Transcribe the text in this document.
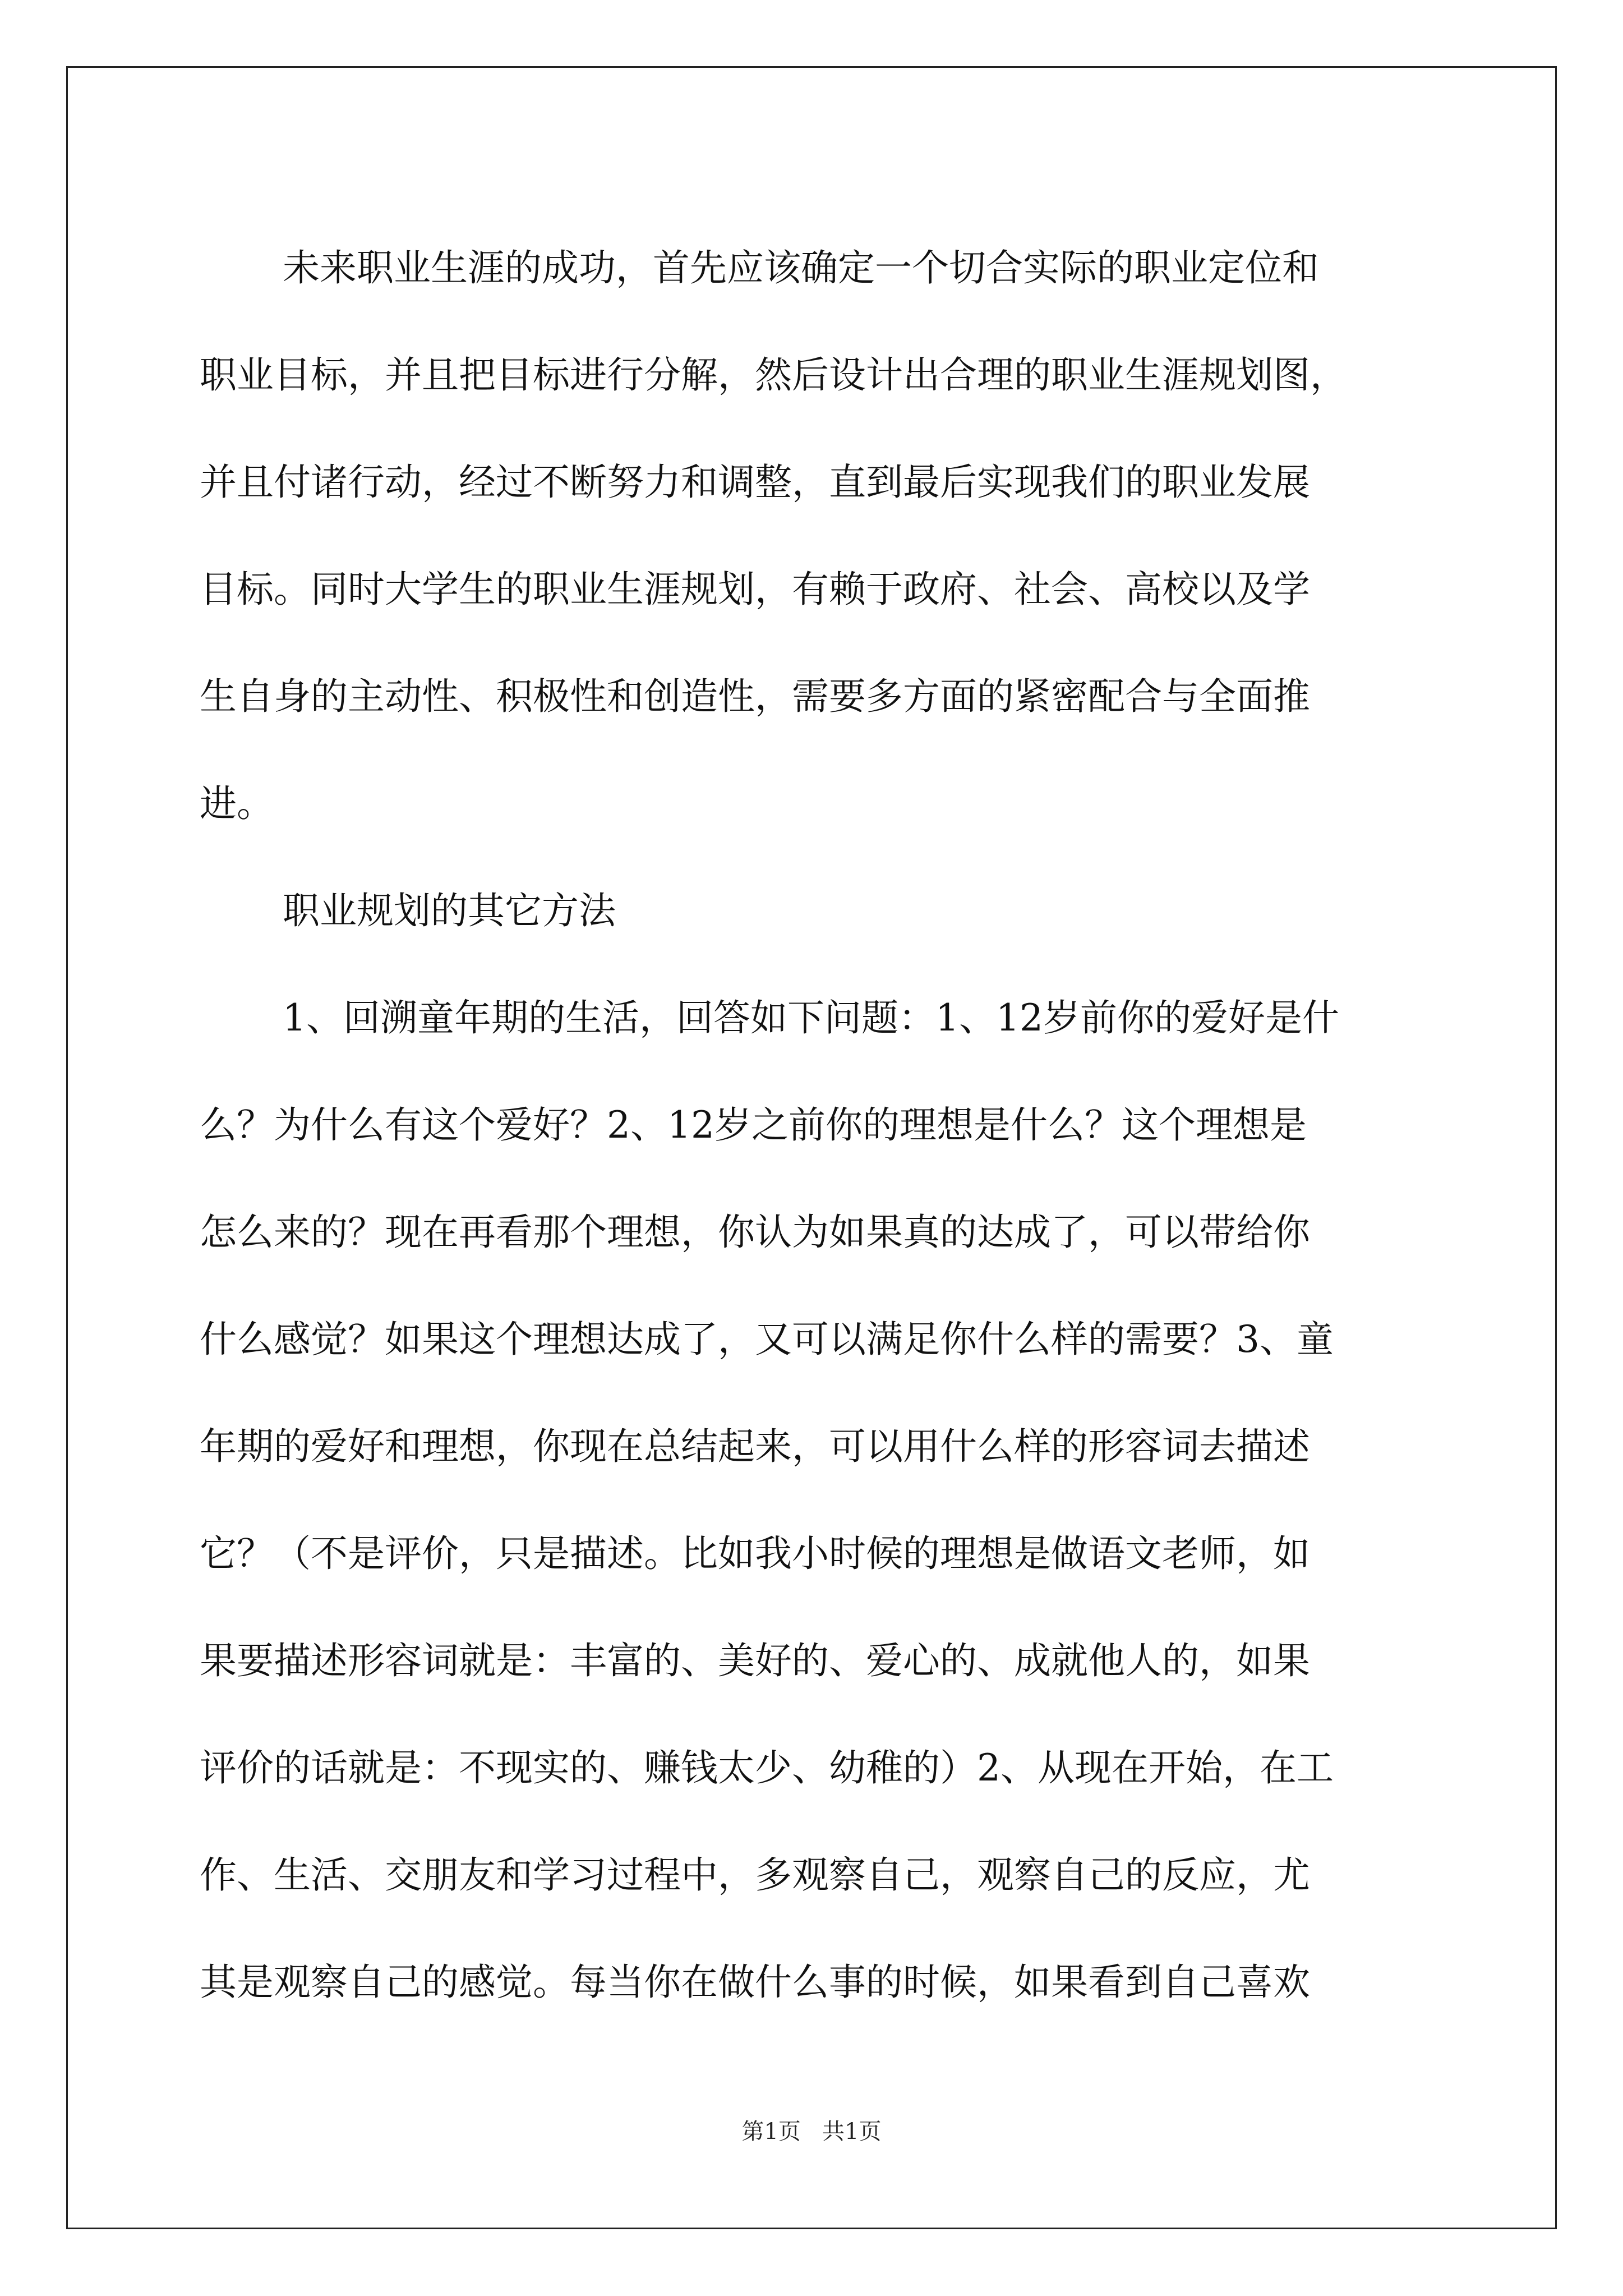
未来职业生涯的成功，首先应该确定一个切合实际的职业定位和
职业目标，并且把目标进行分解，然后设计出合理的职业生涯规划图，
并且付诸行动，经过不断努力和调整，直到最后实现我们的职业发展
目标。同时大学生的职业生涯规划，有赖于政府、社会、高校以及学
生自身的主动性、积极性和创造性，需要多方面的紧密配合与全面推
进。
职业规划的其它方法
1、回溯童年期的生活，回答如下问题：1、12岁前你的爱好是什
么？为什么有这个爱好？2、12岁之前你的理想是什么？这个理想是
怎么来的？现在再看那个理想，你认为如果真的达成了，可以带给你
什么感觉？如果这个理想达成了，又可以满足你什么样的需要？3、童
年期的爱好和理想，你现在总结起来，可以用什么样的形容词去描述
它？（不是评价，只是描述。比如我小时候的理想是做语文老师，如
果要描述形容词就是：丰富的、美好的、爱心的、成就他人的，如果
评价的话就是：不现实的、赚钱太少、幼稚的）2、从现在开始，在工
作、生活、交朋友和学习过程中，多观察自己，观察自己的反应，尤
其是观察自己的感觉。每当你在做什么事的时候，如果看到自己喜欢
第1页   共1页
